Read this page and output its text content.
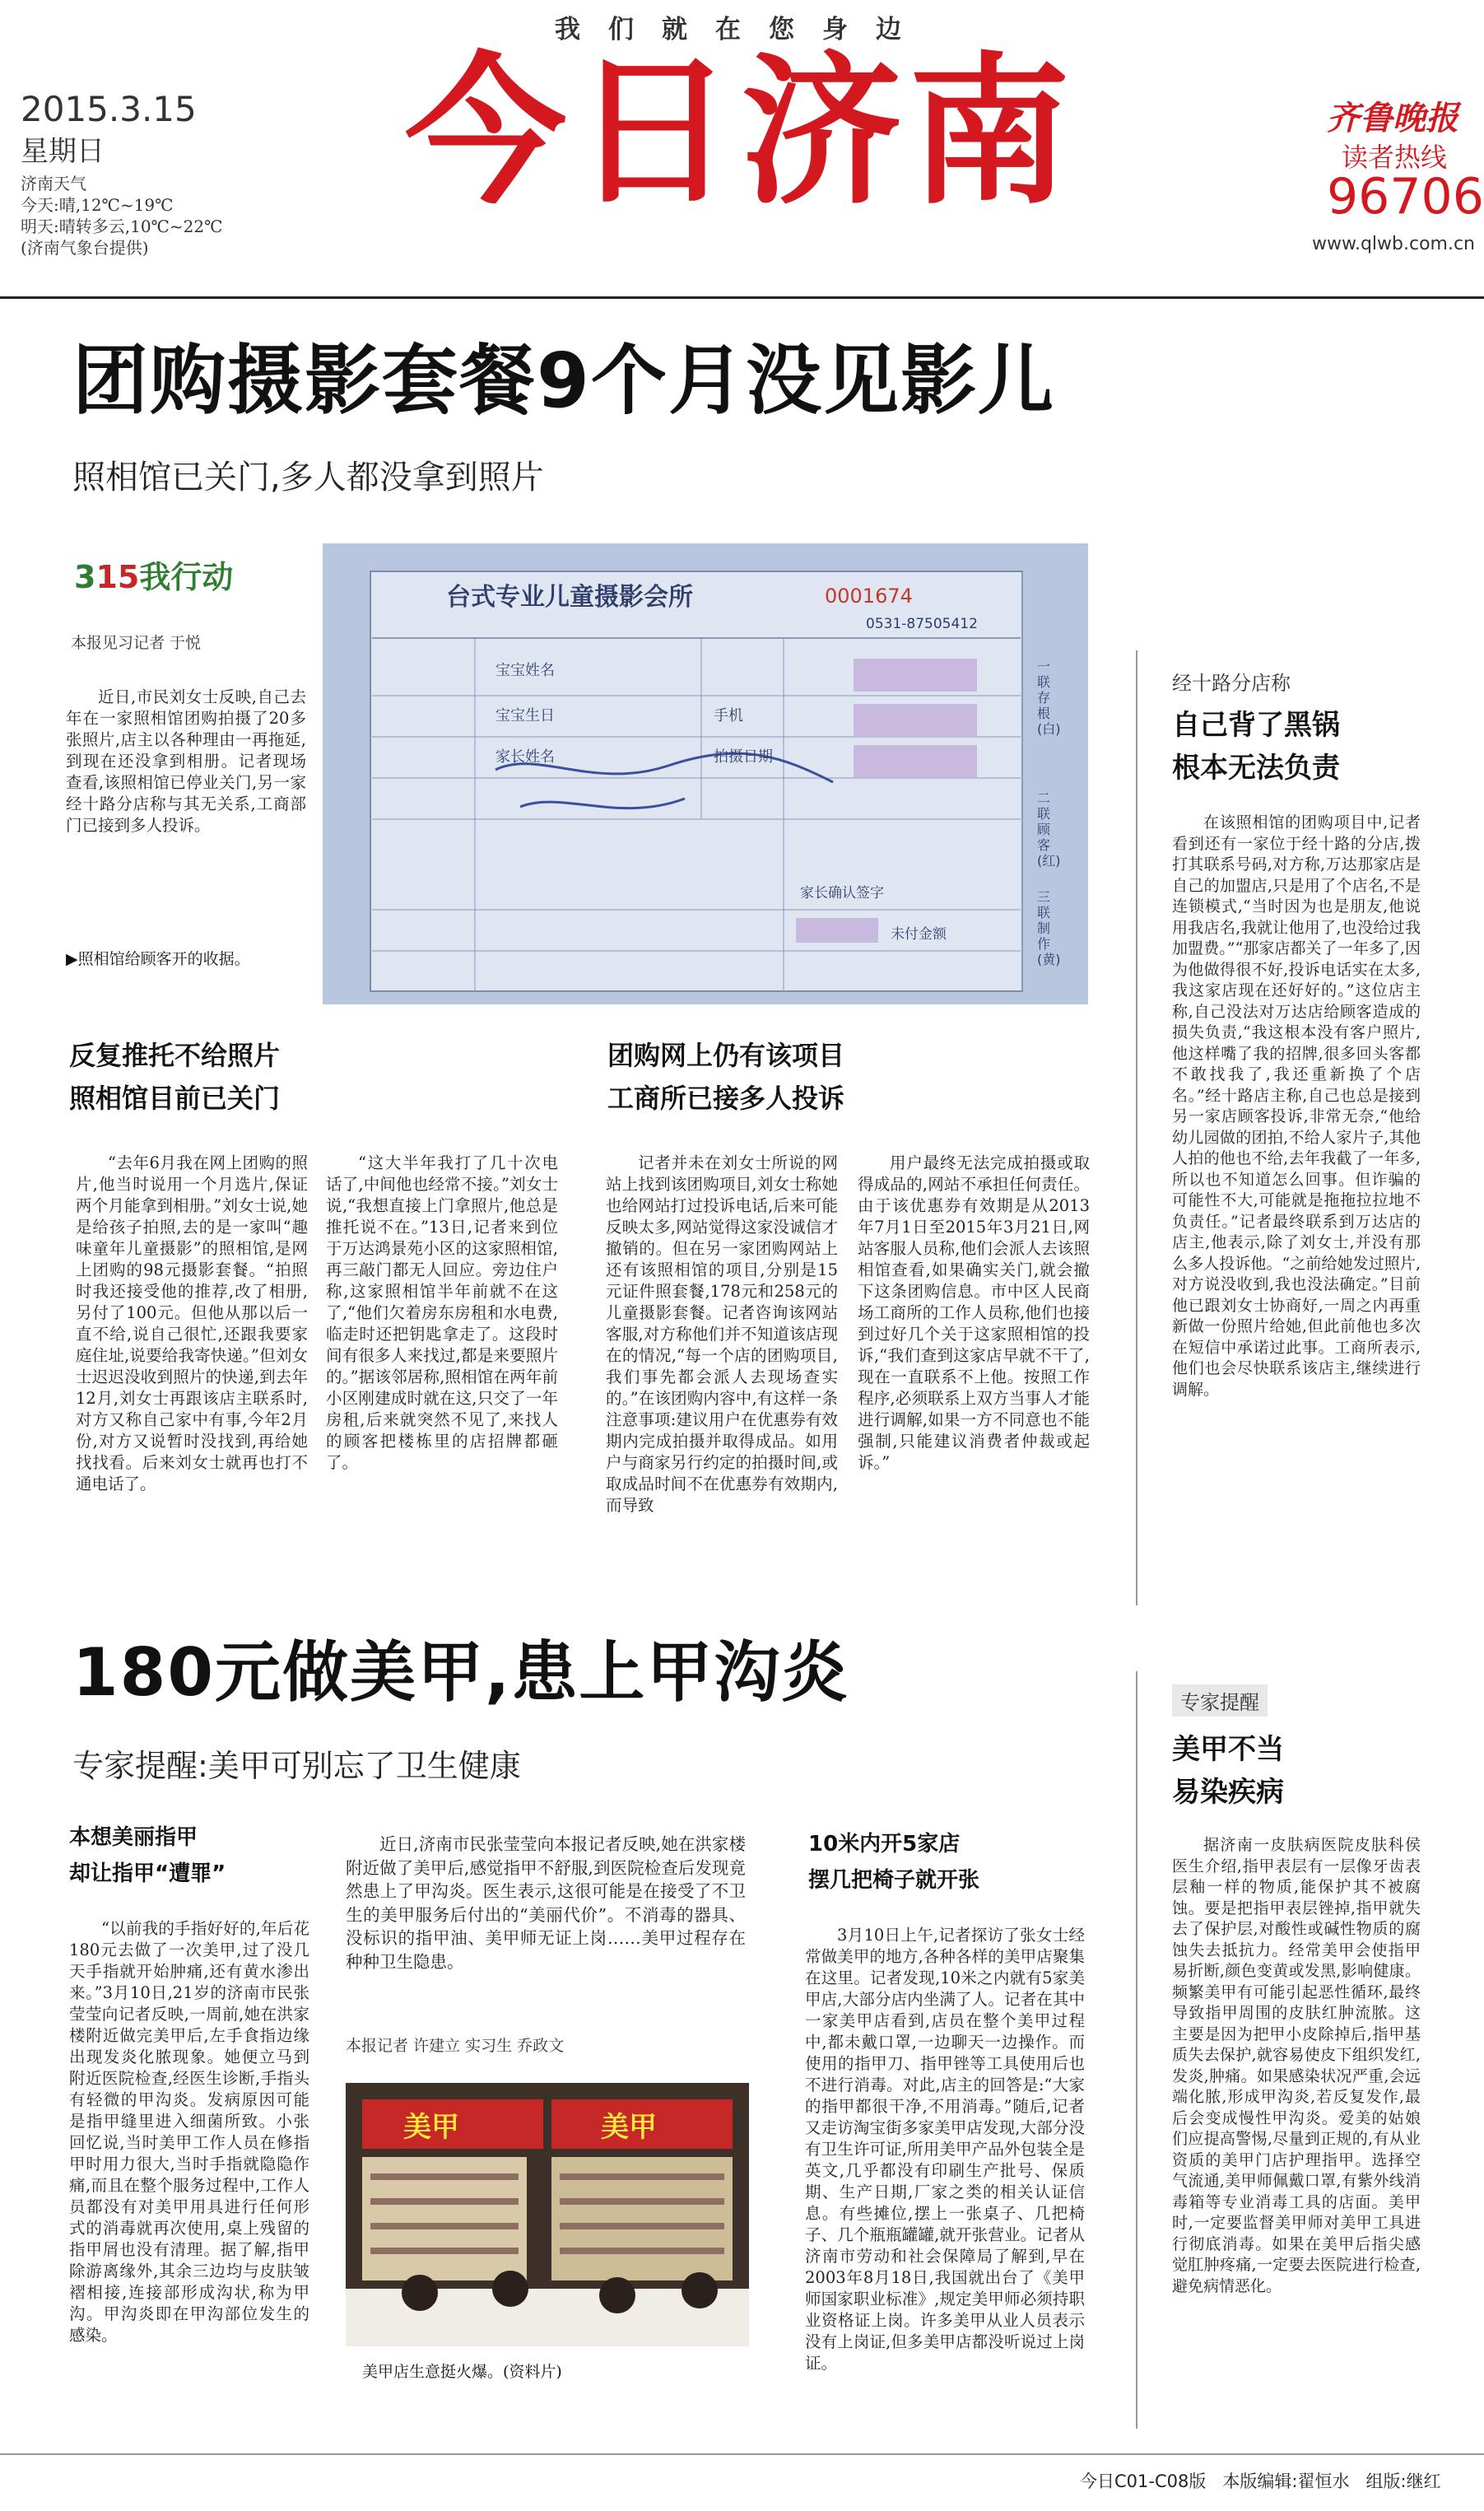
我们就在您身边
2015.3.15
星期日
济南天气
今天:晴,12℃~19℃
明天:晴转多云,10℃~22℃
(济南气象台提供)
今日济南	齐鲁晚报
读者热线
96706
www.qlwb.com.cn
团购摄影套餐9个月没见影儿
照相馆已关门,多人都没拿到照片
315我行动
本报见习记者 于悦
近日,市民刘女士反映,自己去年在一家照相馆团购拍摄了20多张照片,店主以各种理由一再拖延,到现在还没拿到相册。记者现场查看,该照相馆已停业关门,另一家经十路分店称与其无关系,工商部门已接到多人投诉。
▶照相馆给顾客开的收据。
台式专业儿童摄影会所	0001674
0531-87505412
宝宝姓名
宝宝生日
家长姓名	拍摄日期
手机
家长确认签字
未付金额
一联 存根(白)
二联 顾客(红)
三联 制作(黄)
反复推托不给照片
照相馆目前已关门
“去年6月我在网上团购的照片,他当时说用一个月选片,保证两个月能拿到相册。”刘女士说,她是给孩子拍照,去的是一家叫“趣味童年儿童摄影”的照相馆,是网上团购的98元摄影套餐。“拍照时我还接受他的推荐,改了相册,另付了100元。但他从那以后一直不给,说自己很忙,还跟我要家庭住址,说要给我寄快递。”但刘女士迟迟没收到照片的快递,到去年12月,刘女士再跟该店主联系时,对方又称自己家中有事,今年2月份,对方又说暂时没找到,再给她找找看。后来刘女士就再也打不通电话了。
“这大半年我打了几十次电话了,中间他也经常不接。”刘女士说,“我想直接上门拿照片,他总是推托说不在。”13日,记者来到位于万达鸿景苑小区的这家照相馆,再三敲门都无人回应。旁边住户称,这家照相馆半年前就不在这了,“他们欠着房东房租和水电费,临走时还把钥匙拿走了。这段时间有很多人来找过,都是来要照片的。”据该邻居称,照相馆在两年前小区刚建成时就在这,只交了一年房租,后来就突然不见了,来找人的顾客把楼栋里的店招牌都砸了。
团购网上仍有该项目
工商所已接多人投诉
记者并未在刘女士所说的网站上找到该团购项目,刘女士称她也给网站打过投诉电话,后来可能反映太多,网站觉得这家没诚信才撤销的。但在另一家团购网站上还有该照相馆的项目,分别是15元证件照套餐,178元和258元的儿童摄影套餐。记者咨询该网站客服,对方称他们并不知道该店现在的情况,“每一个店的团购项目,我们事先都会派人去现场查实的。”在该团购内容中,有这样一条注意事项:建议用户在优惠券有效期内完成拍摄并取得成品。如用户与商家另行约定的拍摄时间,或取成品时间不在优惠券有效期内,而导致
用户最终无法完成拍摄或取得成品的,网站不承担任何责任。由于该优惠券有效期是从2013年7月1日至2015年3月21日,网站客服人员称,他们会派人去该照相馆查看,如果确实关门,就会撤下这条团购信息。市中区人民商场工商所的工作人员称,他们也接到过好几个关于这家照相馆的投诉,“我们查到这家店早就不干了,现在一直联系不上他。按照工作程序,必须联系上双方当事人才能进行调解,如果一方不同意也不能强制,只能建议消费者仲裁或起诉。”
经十路分店称
自己背了黑锅
根本无法负责
在该照相馆的团购项目中,记者看到还有一家位于经十路的分店,拨打其联系号码,对方称,万达那家店是自己的加盟店,只是用了个店名,不是连锁模式,“当时因为也是朋友,他说用我店名,我就让他用了,也没给过我加盟费。”“那家店都关了一年多了,因为他做得很不好,投诉电话实在太多,我这家店现在还好好的。”这位店主称,自己没法对万达店给顾客造成的损失负责,“我这根本没有客户照片,他这样嘴了我的招牌,很多回头客都不敢找我了,我还重新换了个店名。”经十路店主称,自己也总是接到另一家店顾客投诉,非常无奈,“他给幼儿园做的团拍,不给人家片子,其他人拍的他也不给,去年我截了一年多,所以也不知道怎么回事。但诈骗的可能性不大,可能就是拖拖拉拉地不负责任。”记者最终联系到万达店的店主,他表示,除了刘女士,并没有那么多人投诉他。“之前给她发过照片,对方说没收到,我也没法确定。”目前他已跟刘女士协商好,一周之内再重新做一份照片给她,但此前他也多次在短信中承诺过此事。工商所表示,他们也会尽快联系该店主,继续进行调解。
180元做美甲,患上甲沟炎
专家提醒:美甲可别忘了卫生健康
本想美丽指甲
却让指甲“遭罪”
“以前我的手指好好的,年后花180元去做了一次美甲,过了没几天手指就开始肿痛,还有黄水渗出来。”3月10日,21岁的济南市民张莹莹向记者反映,一周前,她在洪家楼附近做完美甲后,左手食指边缘出现发炎化脓现象。她便立马到附近医院检查,经医生诊断,手指头有轻微的甲沟炎。发病原因可能是指甲缝里进入细菌所致。小张回忆说,当时美甲工作人员在修指甲时用力很大,当时手指就隐隐作痛,而且在整个服务过程中,工作人员都没有对美甲用具进行任何形式的消毒就再次使用,桌上残留的指甲屑也没有清理。据了解,指甲除游离缘外,其余三边均与皮肤皱褶相接,连接部形成沟状,称为甲沟。甲沟炎即在甲沟部位发生的感染。
近日,济南市民张莹莹向本报记者反映,她在洪家楼附近做了美甲后,感觉指甲不舒服,到医院检查后发现竟然患上了甲沟炎。医生表示,这很可能是在接受了不卫生的美甲服务后付出的“美丽代价”。不消毒的器具、没标识的指甲油、美甲师无证上岗……美甲过程存在种种卫生隐患。
本报记者 许建立 实习生 乔政文
美甲	美甲
美甲店生意挺火爆。(资料片)
10米内开5家店
摆几把椅子就开张
3月10日上午,记者探访了张女士经常做美甲的地方,各种各样的美甲店聚集在这里。记者发现,10米之内就有5家美甲店,大部分店内坐满了人。记者在其中一家美甲店看到,店员在整个美甲过程中,都未戴口罩,一边聊天一边操作。而使用的指甲刀、指甲锉等工具使用后也不进行消毒。对此,店主的回答是:“大家的指甲都很干净,不用消毒。”随后,记者又走访淘宝街多家美甲店发现,大部分没有卫生许可证,所用美甲产品外包装全是英文,几乎都没有印刷生产批号、保质期、生产日期,厂家之类的相关认证信息。有些摊位,摆上一张桌子、几把椅子、几个瓶瓶罐罐,就开张营业。记者从济南市劳动和社会保障局了解到,早在2003年8月18日,我国就出台了《美甲师国家职业标准》,规定美甲师必须持职业资格证上岗。许多美甲从业人员表示没有上岗证,但多美甲店都没听说过上岗证。
专家提醒
美甲不当
易染疾病
据济南一皮肤病医院皮肤科侯医生介绍,指甲表层有一层像牙齿表层釉一样的物质,能保护其不被腐蚀。要是把指甲表层锉掉,指甲就失去了保护层,对酸性或碱性物质的腐蚀失去抵抗力。经常美甲会使指甲易折断,颜色变黄或发黑,影响健康。频繁美甲有可能引起恶性循环,最终导致指甲周围的皮肤红肿流脓。这主要是因为把甲小皮除掉后,指甲基质失去保护,就容易使皮下组织发红,发炎,肿痛。如果感染状况严重,会远端化脓,形成甲沟炎,若反复发作,最后会变成慢性甲沟炎。爱美的姑娘们应提高警惕,尽量到正规的,有从业资质的美甲门店护理指甲。选择空气流通,美甲师佩戴口罩,有紫外线消毒箱等专业消毒工具的店面。美甲时,一定要监督美甲师对美甲工具进行彻底消毒。如果在美甲后指尖感觉肛肿疼痛,一定要去医院进行检查,避免病情恶化。
今日C01-C08版 本版编辑:翟恒水 组版:继红
